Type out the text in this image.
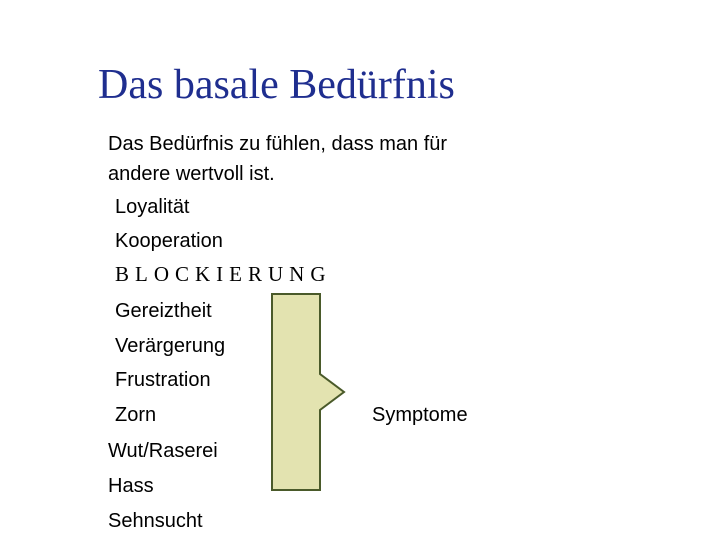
Das basale Bedürfnis
Das Bedürfnis zu fühlen, dass man für
andere wertvoll ist.
Loyalität
Kooperation
BLOCKIERUNG
Gereiztheit
Verärgerung
Frustration
Zorn
Wut/Raserei
Hass
Sehnsucht
Symptome
